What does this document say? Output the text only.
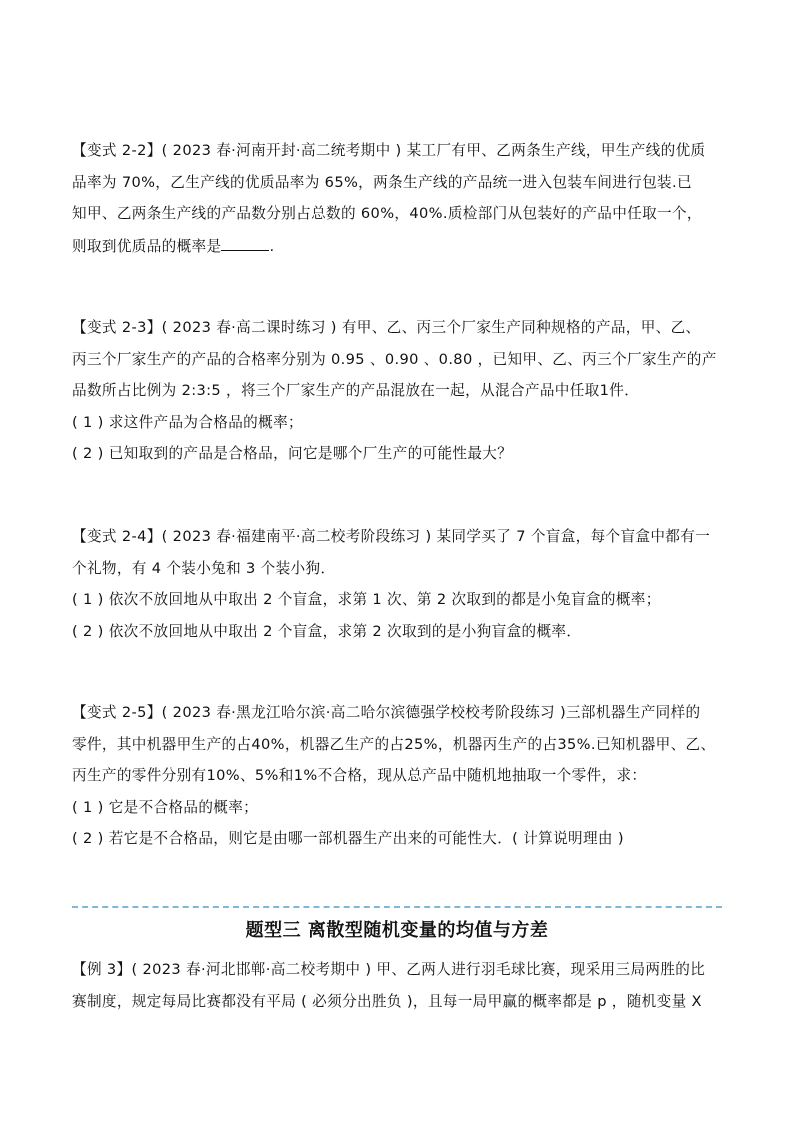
【变式 2-2】( 2023 春·河南开封·高二统考期中 ) 某工厂有甲、乙两条生产线，甲生产线的优质
品率为 70%，乙生产线的优质品率为 65%，两条生产线的产品统一进入包装车间进行包装.已
知甲、乙两条生产线的产品数分别占总数的 60%，40%.质检部门从包装好的产品中任取一个，
则取到优质品的概率是	.
【变式 2-3】( 2023 春·高二课时练习 ) 有甲、乙、丙三个厂家生产同种规格的产品，甲、乙、
丙三个厂家生产的产品的合格率分别为 0.95 、0.90 、0.80 ，已知甲、乙、丙三个厂家生产的产
品数所占比例为 2:3:5 ，将三个厂家生产的产品混放在一起，从混合产品中任取1件．
( 1 ) 求这件产品为合格品的概率；
( 2 ) 已知取到的产品是合格品，问它是哪个厂生产的可能性最大？
【变式 2-4】( 2023 春·福建南平·高二校考阶段练习 ) 某同学买了 7 个盲盒，每个盲盒中都有一
个礼物，有 4 个装小兔和 3 个装小狗．
( 1 ) 依次不放回地从中取出 2 个盲盒，求第 1 次、第 2 次取到的都是小兔盲盒的概率；
( 2 ) 依次不放回地从中取出 2 个盲盒，求第 2 次取到的是小狗盲盒的概率．
【变式 2-5】( 2023 春·黑龙江哈尔滨·高二哈尔滨德强学校校考阶段练习 )三部机器生产同样的
零件，其中机器甲生产的占40%，机器乙生产的占25%，机器丙生产的占35%.已知机器甲、乙、
丙生产的零件分别有10%、5%和1%不合格，现从总产品中随机地抽取一个零件，求：
( 1 ) 它是不合格品的概率；
( 2 ) 若它是不合格品，则它是由哪一部机器生产出来的可能性大．( 计算说明理由 )
题型三 离散型随机变量的均值与方差
【例 3】( 2023 春·河北邯郸·高二校考期中 ) 甲、乙两人进行羽毛球比赛，现采用三局两胜的比
赛制度，规定每局比赛都没有平局 ( 必须分出胜负 )，且每一局甲赢的概率都是 p ，随机变量 X
